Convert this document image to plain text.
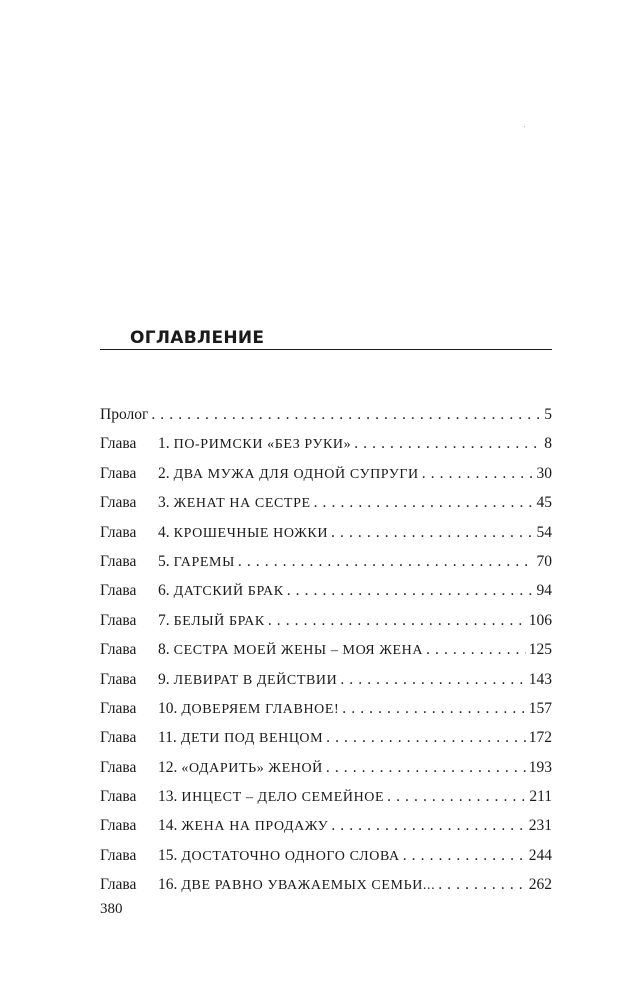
ОГЛАВЛЕНИЕ
Пролог . . .	5
Глава	1. ПО-РИМСКИ «БЕЗ РУКИ» . . .	8
Глава	2. ДВА МУЖА ДЛЯ ОДНОЙ СУПРУГИ . . .	30
Глава	3. ЖЕНАТ НА СЕСТРЕ . . .	45
Глава	4. КРОШЕЧНЫЕ НОЖКИ . . .	54
Глава	5. ГАРЕМЫ . . .	70
Глава	6. ДАТСКИЙ БРАК . . .	94
Глава	7. БЕЛЫЙ БРАК . . .	106
Глава	8. СЕСТРА МОЕЙ ЖЕНЫ – МОЯ ЖЕНА . . .	125
Глава	9. ЛЕВИРАТ В ДЕЙСТВИИ . . .	143
Глава	10. ДОВЕРЯЕМ ГЛАВНОЕ! . . .	157
Глава	11. ДЕТИ ПОД ВЕНЦОМ . . .	172
Глава	12. «ОДАРИТЬ» ЖЕНОЙ . . .	193
Глава	13. ИНЦЕСТ – ДЕЛО СЕМЕЙНОЕ . . .	211
Глава	14. ЖЕНА НА ПРОДАЖУ . . .	231
Глава	15. ДОСТАТОЧНО ОДНОГО СЛОВА . . .	244
Глава	16. ДВЕ РАВНО УВАЖАЕМЫХ СЕМЬИ... . . .	262
380
